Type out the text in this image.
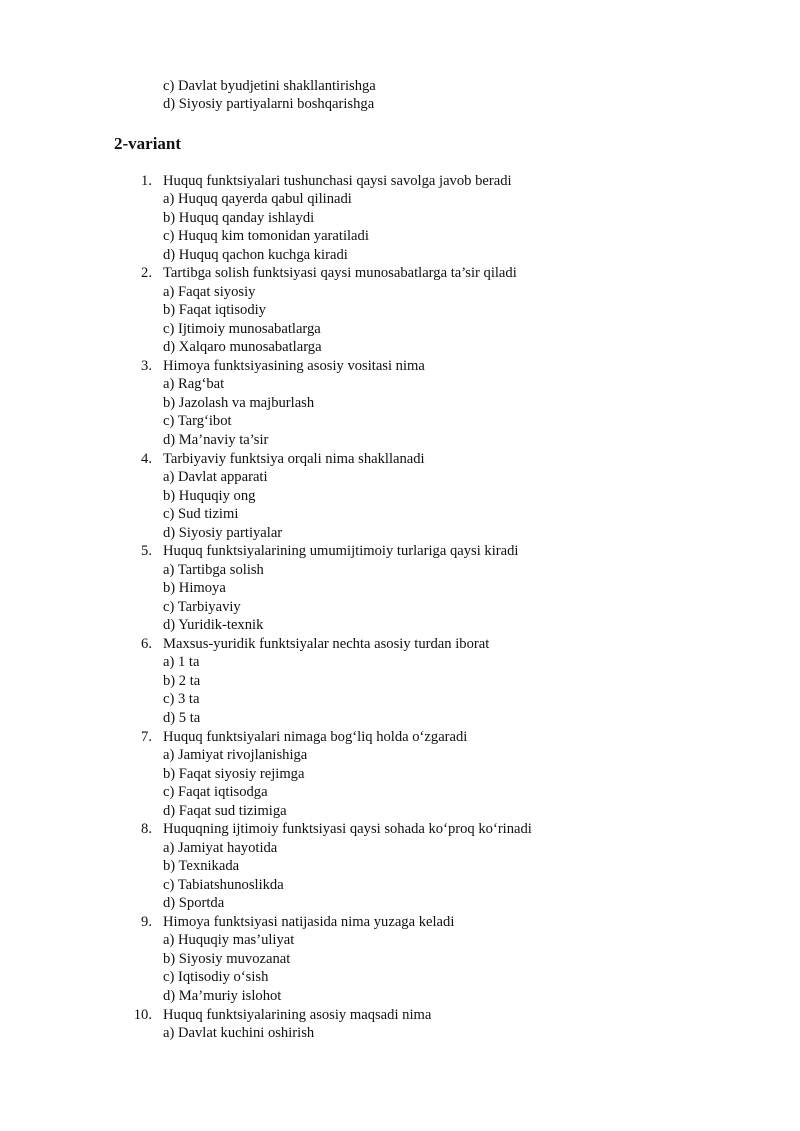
c) Davlat byudjetini shakllantirishga
d) Siyosiy partiyalarni boshqarishga
2-variant
1. Huquq funktsiyalari tushunchasi qaysi savolga javob beradi
a) Huquq qayerda qabul qilinadi
b) Huquq qanday ishlaydi
c) Huquq kim tomonidan yaratiladi
d) Huquq qachon kuchga kiradi
2. Tartibga solish funktsiyasi qaysi munosabatlarga ta’sir qiladi
a) Faqat siyosiy
b) Faqat iqtisodiy
c) Ijtimoiy munosabatlarga
d) Xalqaro munosabatlarga
3. Himoya funktsiyasining asosiy vositasi nima
a) Rag‘bat
b) Jazolash va majburlash
c) Targ‘ibot
d) Ma’naviy ta’sir
4. Tarbiyaviy funktsiya orqali nima shakllanadi
a) Davlat apparati
b) Huquqiy ong
c) Sud tizimi
d) Siyosiy partiyalar
5. Huquq funktsiyalarining umumijtimoiy turlariga qaysi kiradi
a) Tartibga solish
b) Himoya
c) Tarbiyaviy
d) Yuridik-texnik
6. Maxsus-yuridik funktsiyalar nechta asosiy turdan iborat
a) 1 ta
b) 2 ta
c) 3 ta
d) 5 ta
7. Huquq funktsiyalari nimaga bog‘liq holda o‘zgaradi
a) Jamiyat rivojlanishiga
b) Faqat siyosiy rejimga
c) Faqat iqtisodga
d) Faqat sud tizimiga
8. Huquqning ijtimoiy funktsiyasi qaysi sohada ko‘proq ko‘rinadi
a) Jamiyat hayotida
b) Texnikada
c) Tabiatshunoslikda
d) Sportda
9. Himoya funktsiyasi natijasida nima yuzaga keladi
a) Huquqiy mas’uliyat
b) Siyosiy muvozanat
c) Iqtisodiy o‘sish
d) Ma’muriy islohot
10. Huquq funktsiyalarining asosiy maqsadi nima
a) Davlat kuchini oshirish
